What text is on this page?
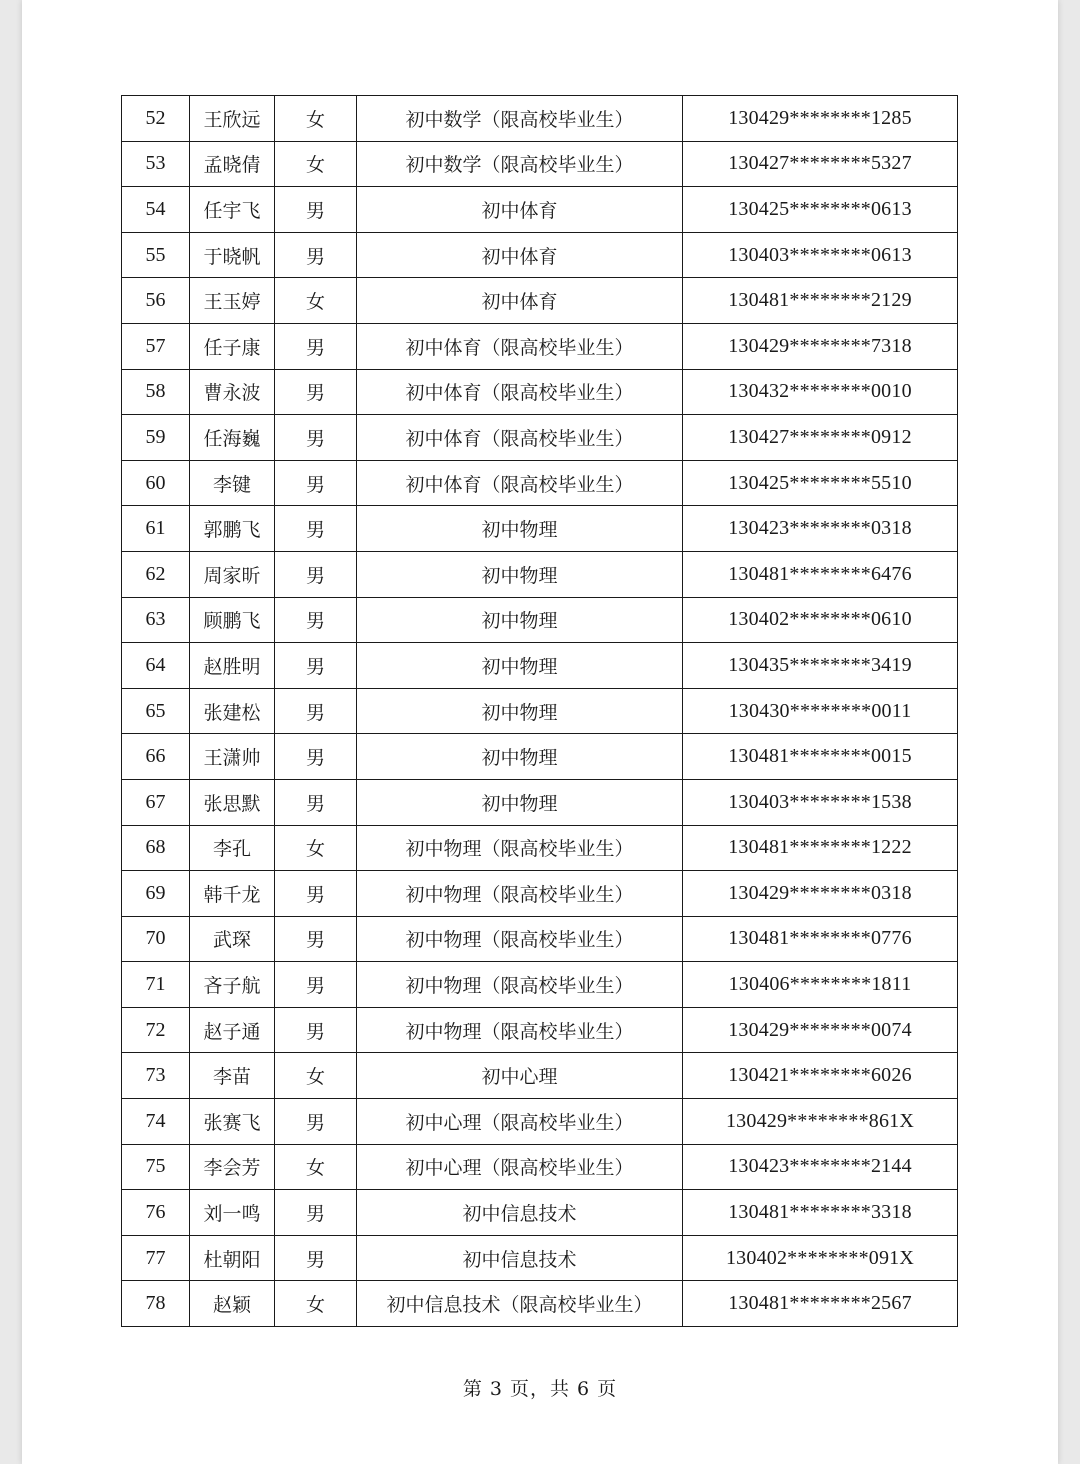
52	王欣远	女	初中数学（限高校毕业生）	130429********1285
53	孟晓倩	女	初中数学（限高校毕业生）	130427********5327
54	任宇飞	男	初中体育	130425********0613
55	于晓帆	男	初中体育	130403********0613
56	王玉婷	女	初中体育	130481********2129
57	任子康	男	初中体育（限高校毕业生）	130429********7318
58	曹永波	男	初中体育（限高校毕业生）	130432********0010
59	任海巍	男	初中体育（限高校毕业生）	130427********0912
60	李键	男	初中体育（限高校毕业生）	130425********5510
61	郭鹏飞	男	初中物理	130423********0318
62	周家昕	男	初中物理	130481********6476
63	顾鹏飞	男	初中物理	130402********0610
64	赵胜明	男	初中物理	130435********3419
65	张建松	男	初中物理	130430********0011
66	王潇帅	男	初中物理	130481********0015
67	张思默	男	初中物理	130403********1538
68	李孔	女	初中物理（限高校毕业生）	130481********1222
69	韩千龙	男	初中物理（限高校毕业生）	130429********0318
70	武琛	男	初中物理（限高校毕业生）	130481********0776
71	吝子航	男	初中物理（限高校毕业生）	130406********1811
72	赵子通	男	初中物理（限高校毕业生）	130429********0074
73	李苗	女	初中心理	130421********6026
74	张赛飞	男	初中心理（限高校毕业生）	130429********861X
75	李会芳	女	初中心理（限高校毕业生）	130423********2144
76	刘一鸣	男	初中信息技术	130481********3318
77	杜朝阳	男	初中信息技术	130402********091X
78	赵颖	女	初中信息技术（限高校毕业生）	130481********2567
第 3 页，共 6 页
